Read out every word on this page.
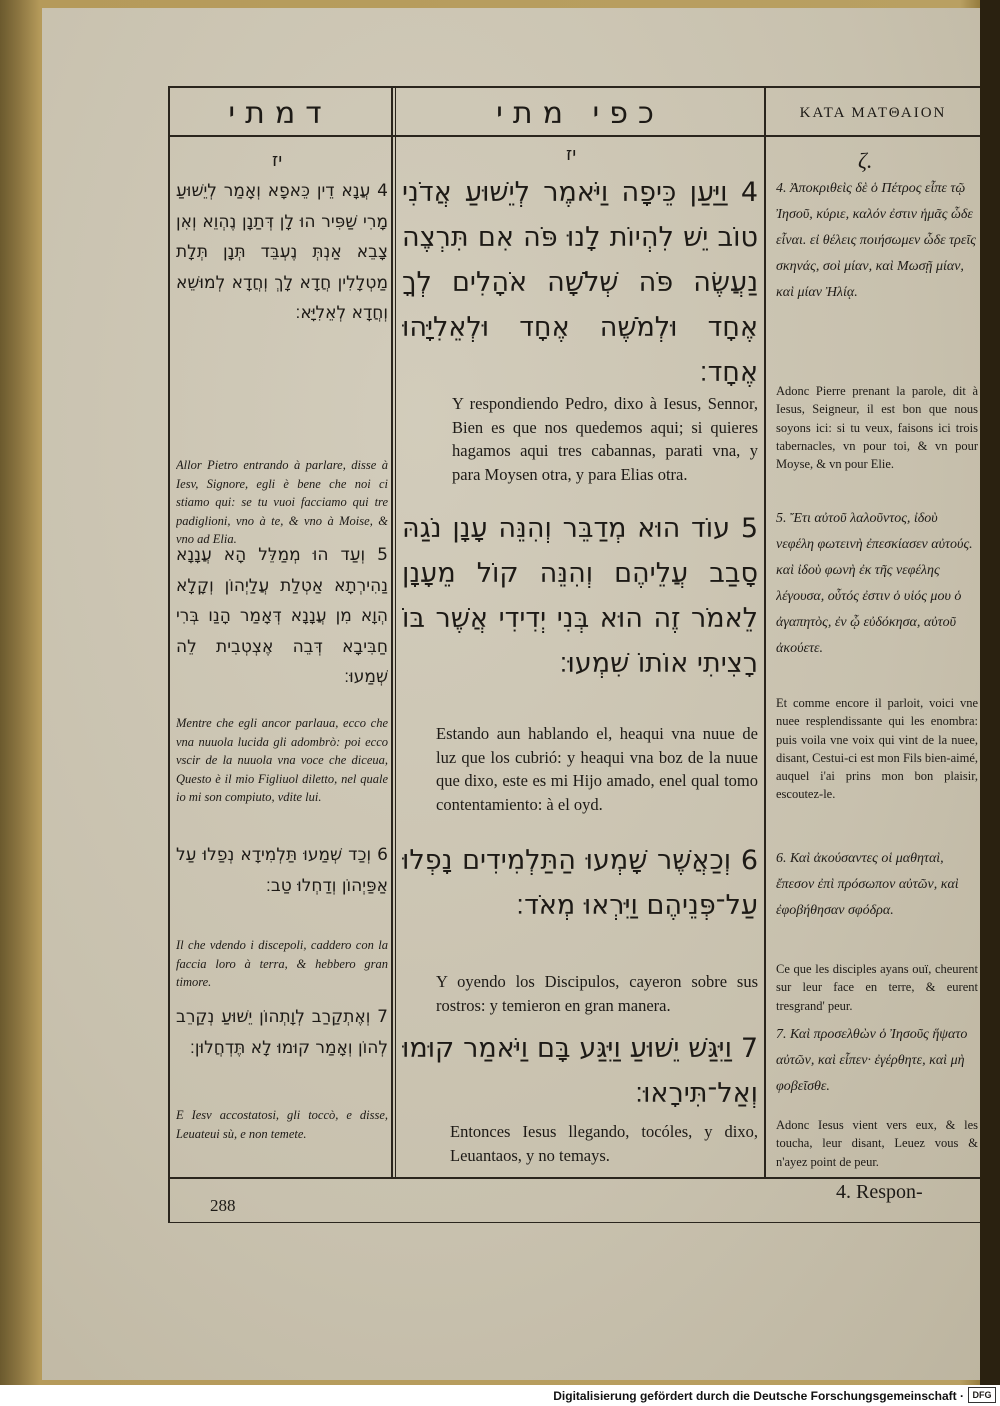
דמתי	כפי מתי	ΚΑΤΑ ΜΑΤΘΑΙΟΝ
יז	יז	ζ.
4 עֲנָא דֵין כֵּאפָא וְאָמַר לְיֵשׁוּעַ מָרִי שַׁפִּיר הוּ לָן דְּתַנָן נֶהְוֵא וְאִן צָבֵא אַנְתְּ נֶעְבֵּד תְּנָן תְּלָת מַטְלָלִין חֲדָא לָךְ וְחֲדָא לְמוּשֵׁא וְחֲדָא לְאֵלִיָּא׃
Allor Pietro entrando à parlare, disse à Iesv, Signore, egli è bene che noi ci stiamo qui: se tu vuoi facciamo qui tre padiglioni, vno à te, & vno à Moise, & vno ad Elia.
5 וְעַד הוּ מְמַלֵּל הָא עֲנָנָא נַהִירְתָא אַטְלַת עֲלַיְהוֹן וְקָלָא הְוָא מִן עֲנָנָא דְּאָמַר הָנַו בְּרִי חַבִּיבָא דְּבֵה אֶצְטְבִית לֵה שְׁמַעוּ׃
Mentre che egli ancor parlaua, ecco che vna nuuola lucida gli adombrò: poi ecco vscir de la nuuola vna voce che diceua, Questo è il mio Figliuol diletto, nel quale io mi son compiuto, vdite lui.
6 וְכַד שְׁמַעוּ תַּלְמִידָא נְפַלוּ עַל אַפַּיְהוֹן וְדַחְלוּ טַב׃
Il che vdendo i discepoli, caddero con la faccia loro à terra, & hebbero gran timore.
7 וְאֶתְקַרַב לְוָתְהוֹן יֵשׁוּעַ נְקַרֵב לְהוֹן וְאָמַר קוּמוּ לָא תֶּדְחֲלוּן׃
E Iesv accostatosi, gli toccò, e disse, Leuateui sù, e non temete.
4 וַיַּעַן כֵּיפָה וַיֹּאמֶר לְיֵשׁוּעַ אֲדֹנִי טוֹב יֵשׁ לִהְיוֹת לָנוּ פֹּה אִם תִּרְצֶה נַעֲשֶׂה פֹּה שְׁלֹשָׁה אֹהָלִים לְךָ אֶחָד וּלְמֹשֶׁה אֶחָד וּלְאֵלִיָּהוּ אֶחָד׃
Y respondiendo Pedro, dixo à Iesus, Sennor, Bien es que nos quedemos aqui; si quieres hagamos aqui tres cabannas, parati vna, y para Moysen otra, y para Elias otra.
5 עוֹד הוּא מְדַבֵּר וְהִנֵּה עָנָן נֹגַהּ סָבַב עֲלֵיהֶם וְהִנֵּה קוֹל מֵעָנָן לֵאמֹר זֶה הוּא בְּנִי יְדִידִי אֲשֶׁר בּוֹ רָצִיתִי אוֹתוֹ שִׁמְעוּ׃
Estando aun hablando el, heaqui vna nuue de luz que los cubrió: y heaqui vna boz de la nuue que dixo, este es mi Hijo amado, enel qual tomo contentamiento: à el oyd.
6 וְכַאֲשֶׁר שָׁמְעוּ הַתַּלְמִידִים נָפְלוּ עַל־פְּנֵיהֶם וַיִּרְאוּ מְאֹד׃
Y oyendo los Discipulos, cayeron sobre sus rostros: y temieron en gran manera.
7 וַיִּגַּשׁ יֵשׁוּעַ וַיִּגַּע בָּם וַיֹּאמַר קוּמוּ וְאַל־תִּירָאוּ׃
Entonces Iesus llegando, tocóles, y dixo, Leuantaos, y no temays.
4. Ἀποκριθεὶς δὲ ὁ Πέτρος εἶπε τῷ Ἰησοῦ, κύριε, καλόν ἐστιν ἡμᾶς ὧδε εἶναι. εἰ θέλεις ποιήσωμεν ὧδε τρεῖς σκηνάς, σοὶ μίαν, καὶ Μωσῇ μίαν, καὶ μίαν Ἠλίᾳ.
Adonc Pierre prenant la parole, dit à Iesus, Seigneur, il est bon que nous soyons ici: si tu veux, faisons ici trois tabernacles, vn pour toi, & vn pour Moyse, & vn pour Elie.
5. Ἔτι αὐτοῦ λαλοῦντος, ἰδοὺ νεφέλη φωτεινὴ ἐπεσκίασεν αὐτούς. καὶ ἰδοὺ φωνὴ ἐκ τῆς νεφέλης λέγουσα, οὗτός ἐστιν ὁ υἱός μου ὁ ἀγαπητὸς, ἐν ᾧ εὐδόκησα, αὐτοῦ ἀκούετε.
Et comme encore il parloit, voici vne nuee resplendissante qui les enombra: puis voila vne voix qui vint de la nuee, disant, Cestui-ci est mon Fils bien-aimé, auquel i'ai prins mon bon plaisir, escoutez-le.
6. Καὶ ἀκούσαντες οἱ μαθηταὶ, ἔπεσον ἐπὶ πρόσωπον αὐτῶν, καὶ ἐφοβήθησαν σφόδρα.
Ce que les disciples ayans ouï, cheurent sur leur face en terre, & eurent tresgrand' peur.
7. Καὶ προσελθὼν ὁ Ἰησοῦς ἥψατο αὐτῶν, καὶ εἶπεν· ἐγέρθητε, καὶ μὴ φοβεῖσθε.
Adonc Iesus vient vers eux, & les toucha, leur disant, Leuez vous & n'ayez point de peur.
288
4. Respon-
Digitalisierung gefördert durch die Deutsche Forschungsgemeinschaft · DFG
